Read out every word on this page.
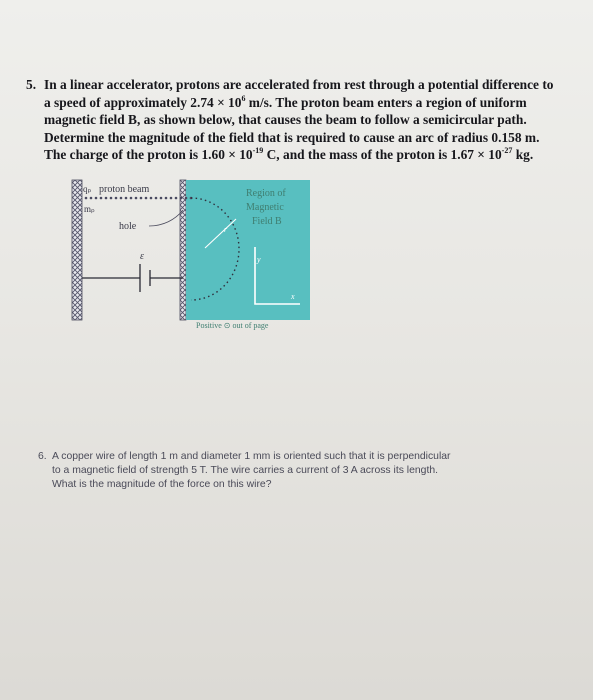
5. In a linear accelerator, protons are accelerated from rest through a potential difference to
a speed of approximately $2.74 \times 10^6$ m/s. The proton beam enters a region of uniform
magnetic field B, as shown below, that causes the beam to follow a semicircular path.
Determine the magnitude of the field that is required to cause an arc of radius 0.158 m.
The charge of the proton is $1.60 \times 10^{-19}$ C, and the mass of the proton is $1.67 \times 10^{-27}$ kg.
qₚ proton beam
mₚ
hole
ε
Region of
Magnetic
Field B
y
x
r
Positive ⊙ out of page
6. A copper wire of length 1 m and diameter 1 mm is oriented such that it is perpendicular
to a magnetic field of strength 5 T. The wire carries a current of 3 A across its length.
What is the magnitude of the force on this wire?
